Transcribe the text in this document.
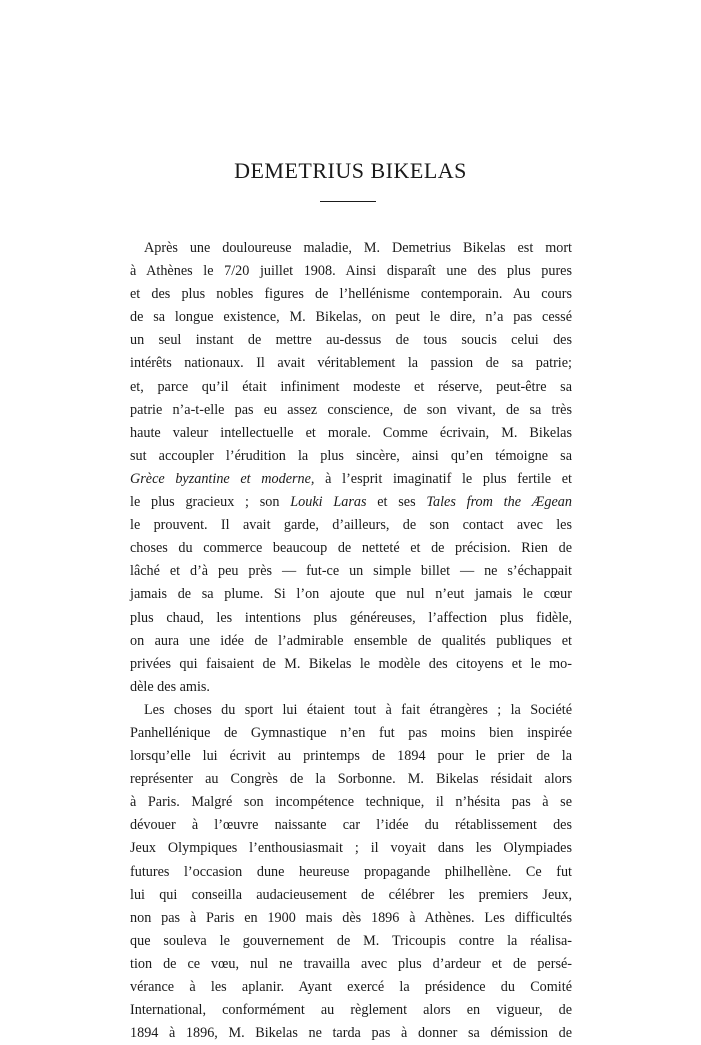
DEMETRIUS BIKELAS
Après une douloureuse maladie, M. Demetrius Bikelas est mort
à Athènes le 7/20 juillet 1908. Ainsi disparaît une des plus pures
et des plus nobles figures de l’hellénisme contemporain. Au cours
de sa longue existence, M. Bikelas, on peut le dire, n’a pas cessé
un seul instant de mettre au-dessus de tous soucis celui des
intérêts nationaux. Il avait véritablement la passion de sa patrie;
et, parce qu’il était infiniment modeste et réserve, peut-être sa
patrie n’a-t-elle pas eu assez conscience, de son vivant, de sa très
haute valeur intellectuelle et morale. Comme écrivain, M. Bikelas
sut accoupler l’érudition la plus sincère, ainsi qu’en témoigne sa
Grèce byzantine et moderne, à l’esprit imaginatif le plus fertile et
le plus gracieux ; son Louki Laras et ses Tales from the Ægean
le prouvent. Il avait garde, d’ailleurs, de son contact avec les
choses du commerce beaucoup de netteté et de précision. Rien de
lâché et d’à peu près — fut-ce un simple billet — ne s’échappait
jamais de sa plume. Si l’on ajoute que nul n’eut jamais le cœur
plus chaud, les intentions plus généreuses, l’affection plus fidèle,
on aura une idée de l’admirable ensemble de qualités publiques et
privées qui faisaient de M. Bikelas le modèle des citoyens et le mo-
dèle des amis.
Les choses du sport lui étaient tout à fait étrangères ; la Société
Panhellénique de Gymnastique n’en fut pas moins bien inspirée
lorsqu’elle lui écrivit au printemps de 1894 pour le prier de la
représenter au Congrès de la Sorbonne. M. Bikelas résidait alors
à Paris. Malgré son incompétence technique, il n’hésita pas à se
dévouer à l’œuvre naissante car l’idée du rétablissement des
Jeux Olympiques l’enthousiasmait ; il voyait dans les Olympiades
futures l’occasion dune heureuse propagande philhellène. Ce fut
lui qui conseilla audacieusement de célébrer les premiers Jeux,
non pas à Paris en 1900 mais dès 1896 à Athènes. Les difficultés
que souleva le gouvernement de M. Tricoupis contre la réalisa-
tion de ce vœu, nul ne travailla avec plus d’ardeur et de persé-
vérance à les aplanir. Ayant exercé la présidence du Comité
International, conformément au règlement alors en vigueur, de
1894 à 1896, M. Bikelas ne tarda pas à donner sa démission de
